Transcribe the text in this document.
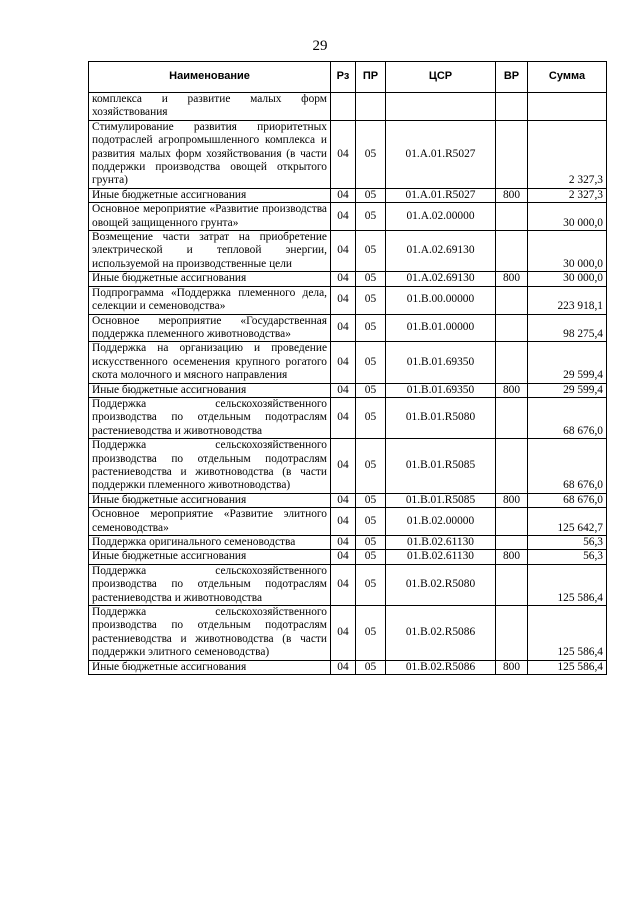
29
Наименование	Рз	ПР	ЦСР	ВР	Сумма
комплекса и развитие малых форм хозяйствования					
Стимулирование развития приоритетных подотраслей агропромышленного комплекса и развития малых форм хозяйствования (в части поддержки производства овощей открытого грунта)	04	05	01.А.01.R5027		2 327,3
Иные бюджетные ассигнования	04	05	01.А.01.R5027	800	2 327,3
Основное мероприятие «Развитие производства овощей защищенного грунта»	04	05	01.А.02.00000		30 000,0
Возмещение части затрат на приобретение электрической и тепловой энергии, используемой на производственные цели	04	05	01.А.02.69130		30 000,0
Иные бюджетные ассигнования	04	05	01.А.02.69130	800	30 000,0
Подпрограмма «Поддержка племенного дела, селекции и семеноводства»	04	05	01.В.00.00000		223 918,1
Основное мероприятие «Государственная поддержка племенного животноводства»	04	05	01.В.01.00000		98 275,4
Поддержка на организацию и проведение искусственного осеменения крупного рогатого скота молочного и мясного направления	04	05	01.В.01.69350		29 599,4
Иные бюджетные ассигнования	04	05	01.В.01.69350	800	29 599,4
Поддержка сельскохозяйственного производства по отдельным подотраслям растениеводства и животноводства	04	05	01.В.01.R5080		68 676,0
Поддержка сельскохозяйственного производства по отдельным подотраслям растениеводства и животноводства (в части поддержки племенного животноводства)	04	05	01.В.01.R5085		68 676,0
Иные бюджетные ассигнования	04	05	01.В.01.R5085	800	68 676,0
Основное мероприятие «Развитие элитного семеноводства»	04	05	01.В.02.00000		125 642,7
Поддержка оригинального семеноводства	04	05	01.В.02.61130		56,3
Иные бюджетные ассигнования	04	05	01.В.02.61130	800	56,3
Поддержка сельскохозяйственного производства по отдельным подотраслям растениеводства и животноводства	04	05	01.В.02.R5080		125 586,4
Поддержка сельскохозяйственного производства по отдельным подотраслям растениеводства и животноводства (в части поддержки элитного семеноводства)	04	05	01.В.02.R5086		125 586,4
Иные бюджетные ассигнования	04	05	01.В.02.R5086	800	125 586,4
